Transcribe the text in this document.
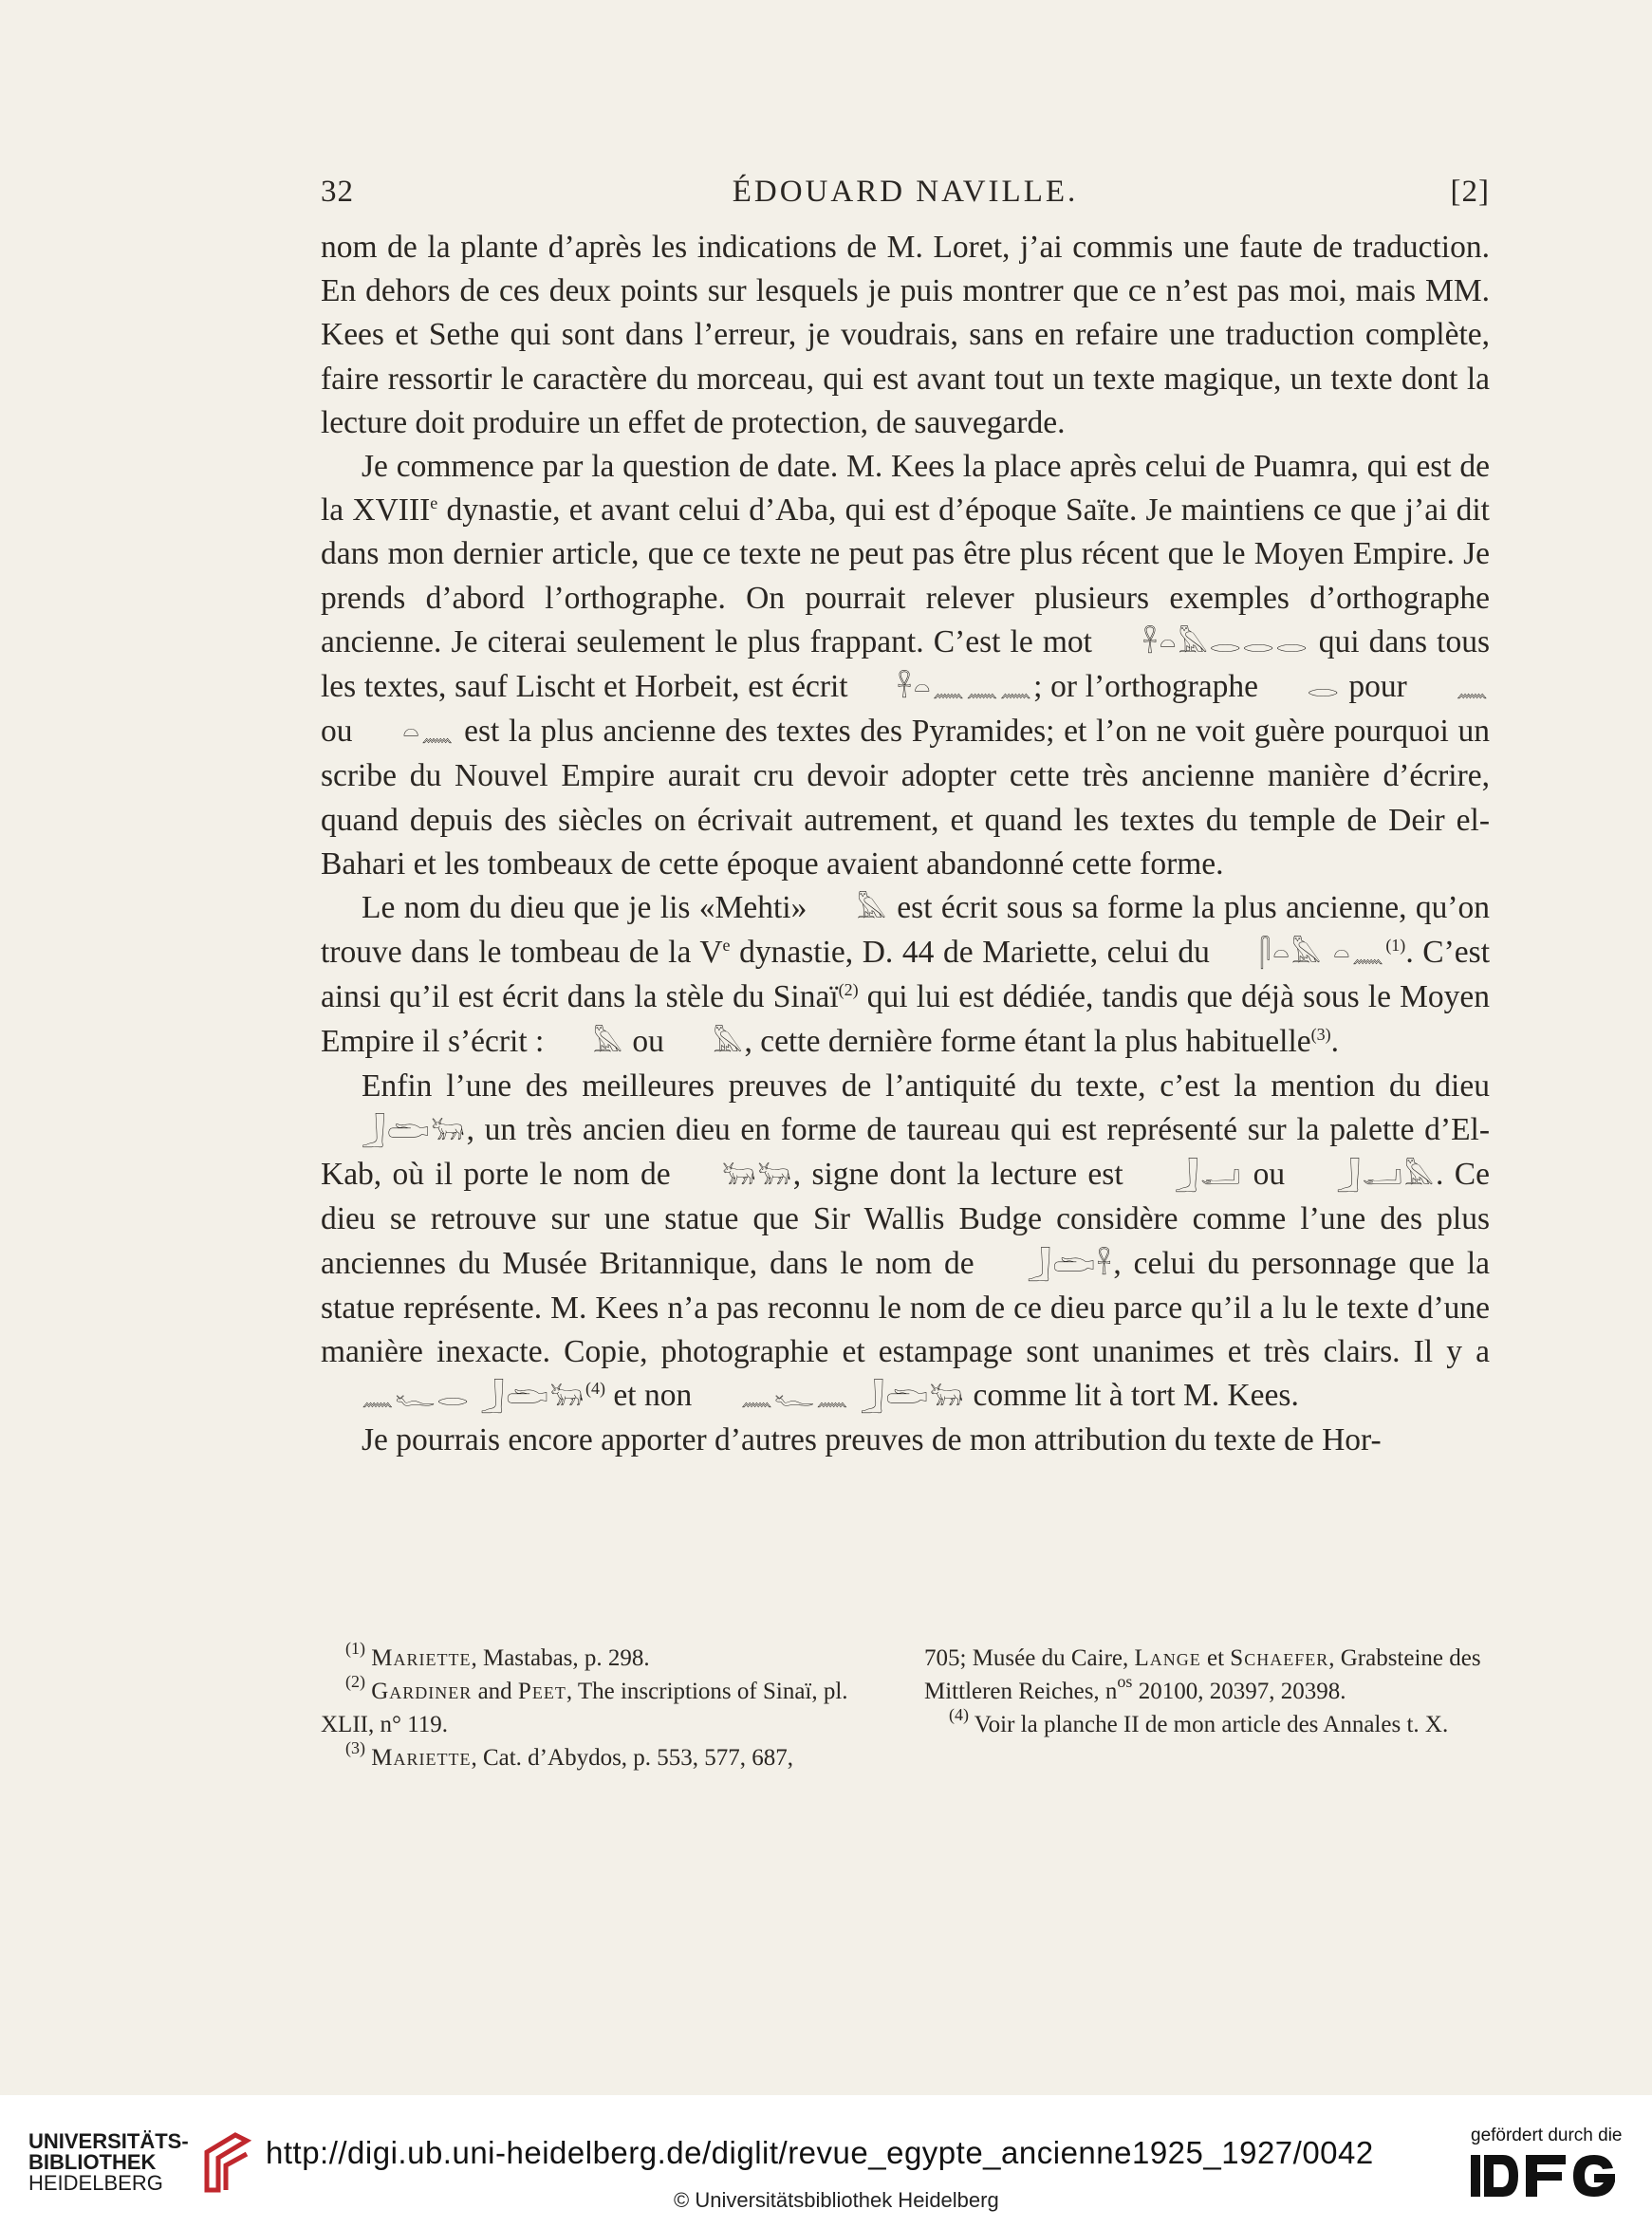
32	ÉDOUARD NAVILLE.	[2]

nom de la plante d’après les indications de M. Loret, j’ai commis une faute de traduction. En dehors de ces deux points sur lesquels je puis montrer que ce n’est pas moi, mais MM. Kees et Sethe qui sont dans l’erreur, je voudrais, sans en refaire une traduction complète, faire ressortir le caractère du morceau, qui est avant tout un texte magique, un texte dont la lecture doit produire un effet de protection, de sauvegarde.

Je commence par la question de date. M. Kees la place après celui de Puamra, qui est de la XVIIIe dynastie, et avant celui d’Aba, qui est d’époque Saïte. Je maintiens ce que j’ai dit dans mon dernier article, que ce texte ne peut pas être plus récent que le Moyen Empire. Je prends d’abord l’orthographe. On pourrait relever plusieurs exemples d’orthographe ancienne. Je citerai seulement le plus frappant. C’est le mot 𓋹𓏏𓅓𓂋𓂋𓂋 qui dans tous les textes, sauf Lischt et Horbeit, est écrit 𓋹𓏏𓈖𓈖𓈖; or l’orthographe 𓂋 pour 𓈖 ou 𓏏𓈖 est la plus ancienne des textes des Pyramides; et l’on ne voit guère pourquoi un scribe du Nouvel Empire aurait cru devoir adopter cette très ancienne manière d’écrire, quand depuis des siècles on écrivait autrement, et quand les textes du temple de Deir el-Bahari et les tombeaux de cette époque avaient abandonné cette forme.

Le nom du dieu que je lis «Mehti» 𓅓 est écrit sous sa forme la plus ancienne, qu’on trouve dans le tombeau de la Ve dynastie, D. 44 de Mariette, celui du 𓋴𓏏𓅓 𓏏𓈖$^{(1)}$. C’est ainsi qu’il est écrit dans la stèle du Sinaï$^{(2)}$ qui lui est dédiée, tandis que déjà sous le Moyen Empire il s’écrit : 𓅓 ou 𓅓, cette dernière forme étant la plus habituelle$^{(3)}$.

Enfin l’une des meilleures preuves de l’antiquité du texte, c’est la mention du dieu 𓃀𓂧𓃒, un très ancien dieu en forme de taureau qui est représenté sur la palette d’El-Kab, où il porte le nom de 𓃒𓃒, signe dont la lecture est 𓃀𓂝 ou 𓃀𓂝𓅓. Ce dieu se retrouve sur une statue que Sir Wallis Budge considère comme l’une des plus anciennes du Musée Britannique, dans le nom de 𓃀𓂧𓋹, celui du personnage que la statue représente. M. Kees n’a pas reconnu le nom de ce dieu parce qu’il a lu le texte d’une manière inexacte. Copie, photographie et estampage sont unanimes et très clairs. Il y a 𓈖𓆑𓂋 𓃀𓂧𓃒$^{(4)}$ et non 𓈖𓆑𓈖 𓃀𓂧𓃒 comme lit à tort M. Kees.

Je pourrais encore apporter d’autres preuves de mon attribution du texte de Hor-

$^{(1)}$ Mariette, Mastabas, p. 298.

$^{(2)}$ Gardiner and Peet, The inscriptions of Sinaï, pl. XLII, n° 119.

$^{(3)}$ Mariette, Cat. d’Abydos, p. 553, 577, 687,

705; Musée du Caire, Lange et Schaefer, Grabsteine des Mittleren Reiches, $n^{os}$ 20100, 20397, 20398.

$^{(4)}$ Voir la planche II de mon article des Annales t. X.

UNIVERSITÄTS-
BIBLIOTHEK
HEIDELBERG
http://digi.ub.uni-heidelberg.de/diglit/revue_egypte_ancienne1925_1927/0042
© Universitätsbibliothek Heidelberg
gefördert durch die
